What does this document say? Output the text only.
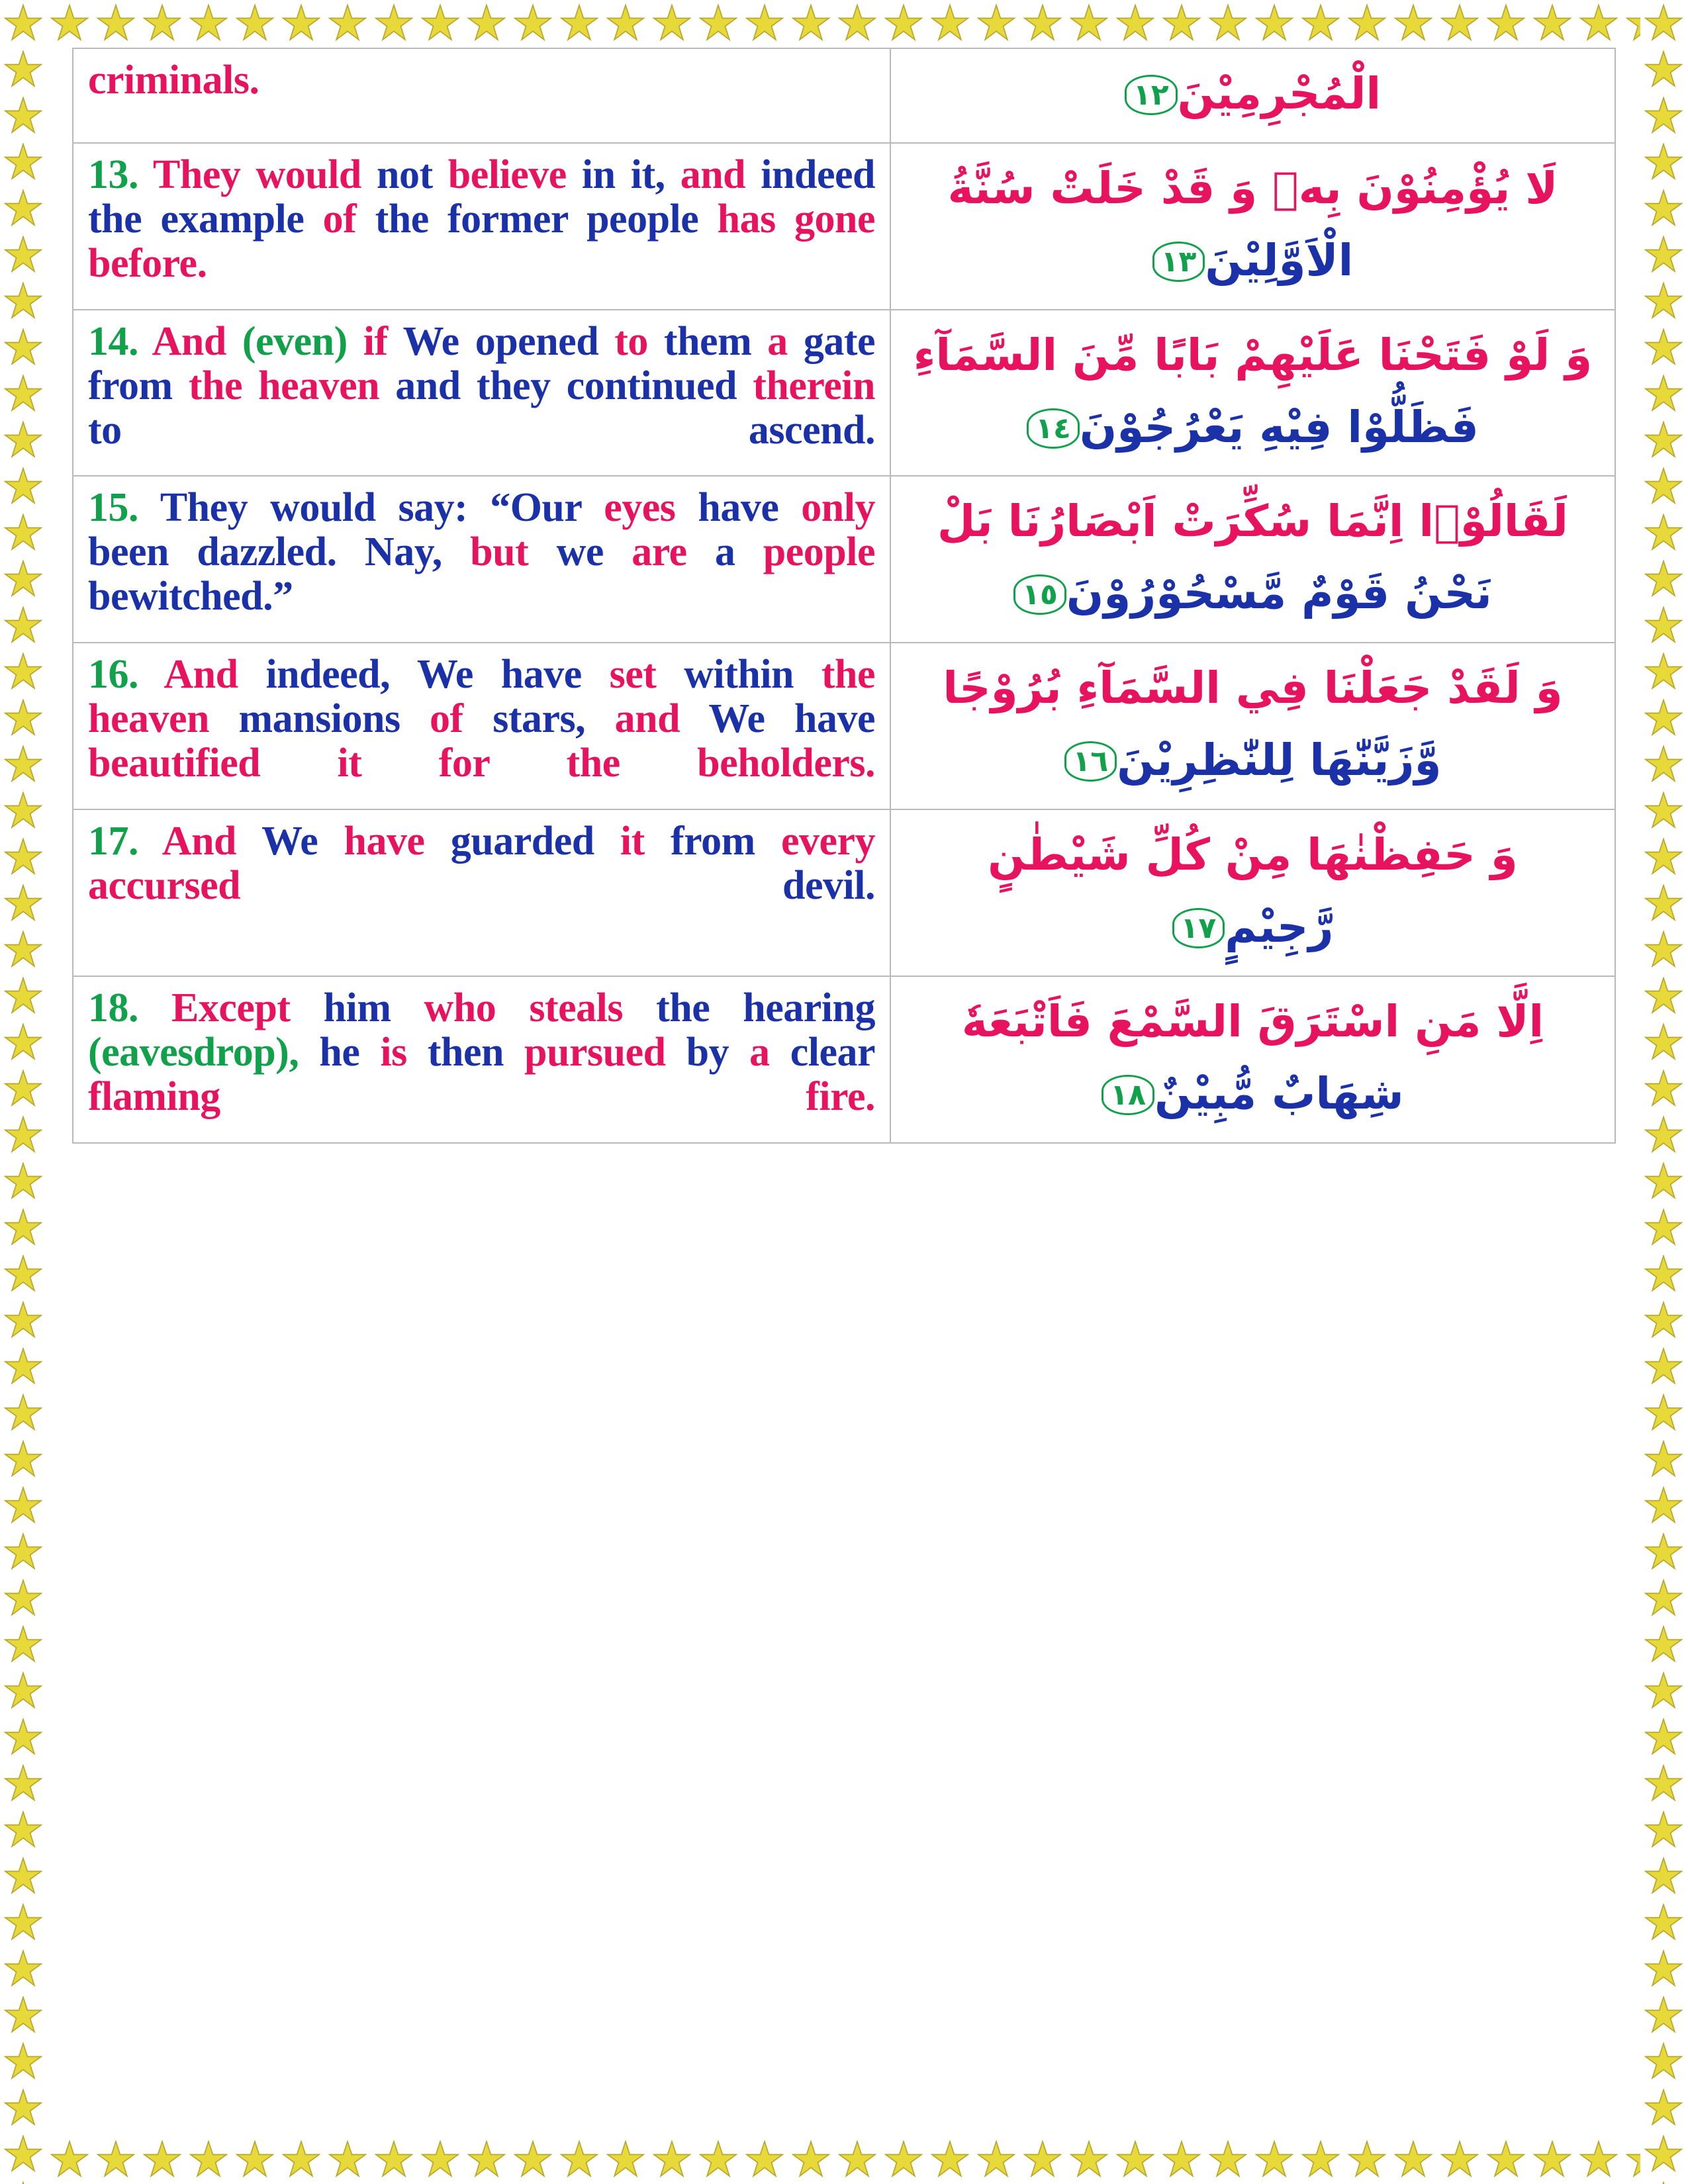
criminals.	الْمُجْرِمِيْنَ١٢

13. They would not believe in it, and indeed the example of the former people has gone before.	لَا يُؤْمِنُوْنَ بِهٖ وَ قَدْ خَلَتْ سُنَّةُ
الْاَوَّلِيْنَ١٣

14. And (even) if We opened to them a gate from the heaven and they continued therein to ascend.	وَ لَوْ فَتَحْنَا عَلَيْهِمْ بَابًا مِّنَ السَّمَآءِ
فَظَلُّوْا فِيْهِ يَعْرُجُوْنَ١٤

15. They would say: “Our eyes have only been dazzled. Nay, but we are a people bewitched.”	لَقَالُوْۤا اِنَّمَا سُكِّرَتْ اَبْصَارُنَا بَلْ
نَحْنُ قَوْمٌ مَّسْحُوْرُوْنَ١٥

16. And indeed, We have set within the heaven mansions of stars, and We have beautified it for the beholders.	وَ لَقَدْ جَعَلْنَا فِي السَّمَآءِ بُرُوْجًا
وَّزَيَّنّٰهَا لِلنّٰظِرِيْنَ١٦

17. And We have guarded it from every accursed devil.	وَ حَفِظْنٰهَا مِنْ كُلِّ شَيْطٰنٍ
رَّجِيْمٍ١٧

18. Except him who steals the hearing (eavesdrop), he is then pursued by a clear flaming fire.	اِلَّا مَنِ اسْتَرَقَ السَّمْعَ فَاَتْبَعَهٗ
شِهَابٌ مُّبِيْنٌ١٨
